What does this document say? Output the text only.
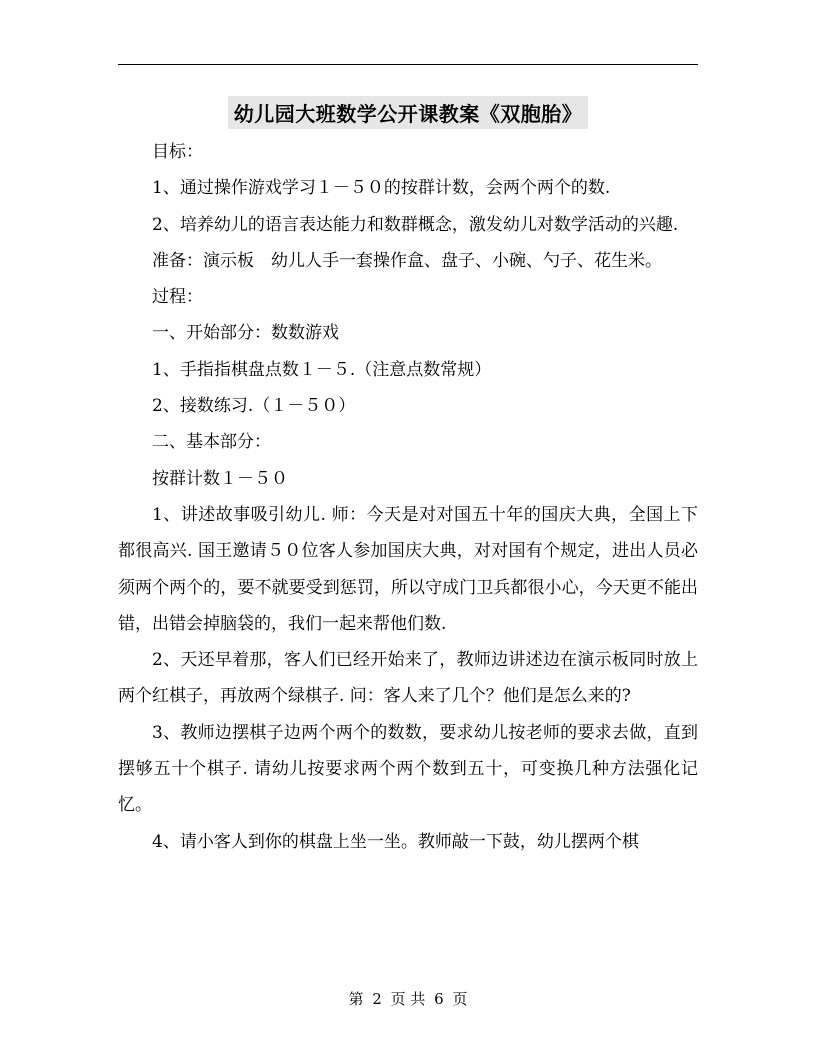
幼儿园大班数学公开课教案《双胞胎》

目标：

1、通过操作游戏学习１－５０的按群计数，会两个两个的数.

2、培养幼儿的语言表达能力和数群概念，激发幼儿对数学活动的兴趣.

准备：演示板　幼儿人手一套操作盒、盘子、小碗、勺子、花生米。

过程：

一、开始部分：数数游戏

1、手指指棋盘点数１－５.（注意点数常规）

2、接数练习.（１－５０）

二、基本部分：

按群计数１－５０

1、讲述故事吸引幼儿. 师：今天是对对国五十年的国庆大典，全国上下都很高兴. 国王邀请５０位客人参加国庆大典，对对国有个规定，进出人员必须两个两个的，要不就要受到惩罚，所以守成门卫兵都很小心，今天更不能出错，出错会掉脑袋的，我们一起来帮他们数.

2、天还早着那，客人们已经开始来了，教师边讲述边在演示板同时放上两个红棋子，再放两个绿棋子. 问：客人来了几个？他们是怎么来的?

3、教师边摆棋子边两个两个的数数，要求幼儿按老师的要求去做，直到摆够五十个棋子. 请幼儿按要求两个两个数到五十，可变换几种方法强化记忆。

4、请小客人到你的棋盘上坐一坐。教师敲一下鼓，幼儿摆两个棋

第 2 页 共 6 页
